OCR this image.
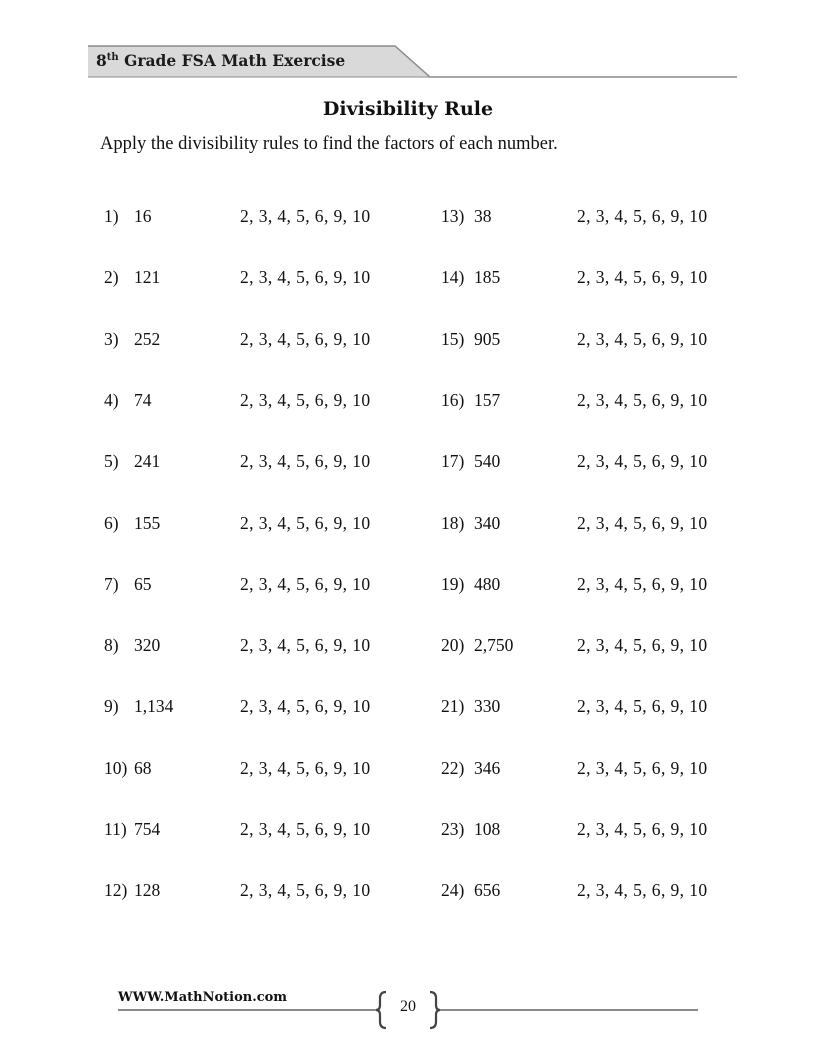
8th Grade FSA Math Exercise
Divisibility Rule
Apply the divisibility rules to find the factors of each number.
1) 16	2, 3, 4, 5, 6, 9, 10
2) 121	2, 3, 4, 5, 6, 9, 10
3) 252	2, 3, 4, 5, 6, 9, 10
4) 74	2, 3, 4, 5, 6, 9, 10
5) 241	2, 3, 4, 5, 6, 9, 10
6) 155	2, 3, 4, 5, 6, 9, 10
7) 65	2, 3, 4, 5, 6, 9, 10
8) 320	2, 3, 4, 5, 6, 9, 10
9) 1,134	2, 3, 4, 5, 6, 9, 10
10) 68	2, 3, 4, 5, 6, 9, 10
11) 754	2, 3, 4, 5, 6, 9, 10
12) 128	2, 3, 4, 5, 6, 9, 10
13) 38	2, 3, 4, 5, 6, 9, 10
14) 185	2, 3, 4, 5, 6, 9, 10
15) 905	2, 3, 4, 5, 6, 9, 10
16) 157	2, 3, 4, 5, 6, 9, 10
17) 540	2, 3, 4, 5, 6, 9, 10
18) 340	2, 3, 4, 5, 6, 9, 10
19) 480	2, 3, 4, 5, 6, 9, 10
20) 2,750	2, 3, 4, 5, 6, 9, 10
21) 330	2, 3, 4, 5, 6, 9, 10
22) 346	2, 3, 4, 5, 6, 9, 10
23) 108	2, 3, 4, 5, 6, 9, 10
24) 656	2, 3, 4, 5, 6, 9, 10
WWW.MathNotion.com
20
